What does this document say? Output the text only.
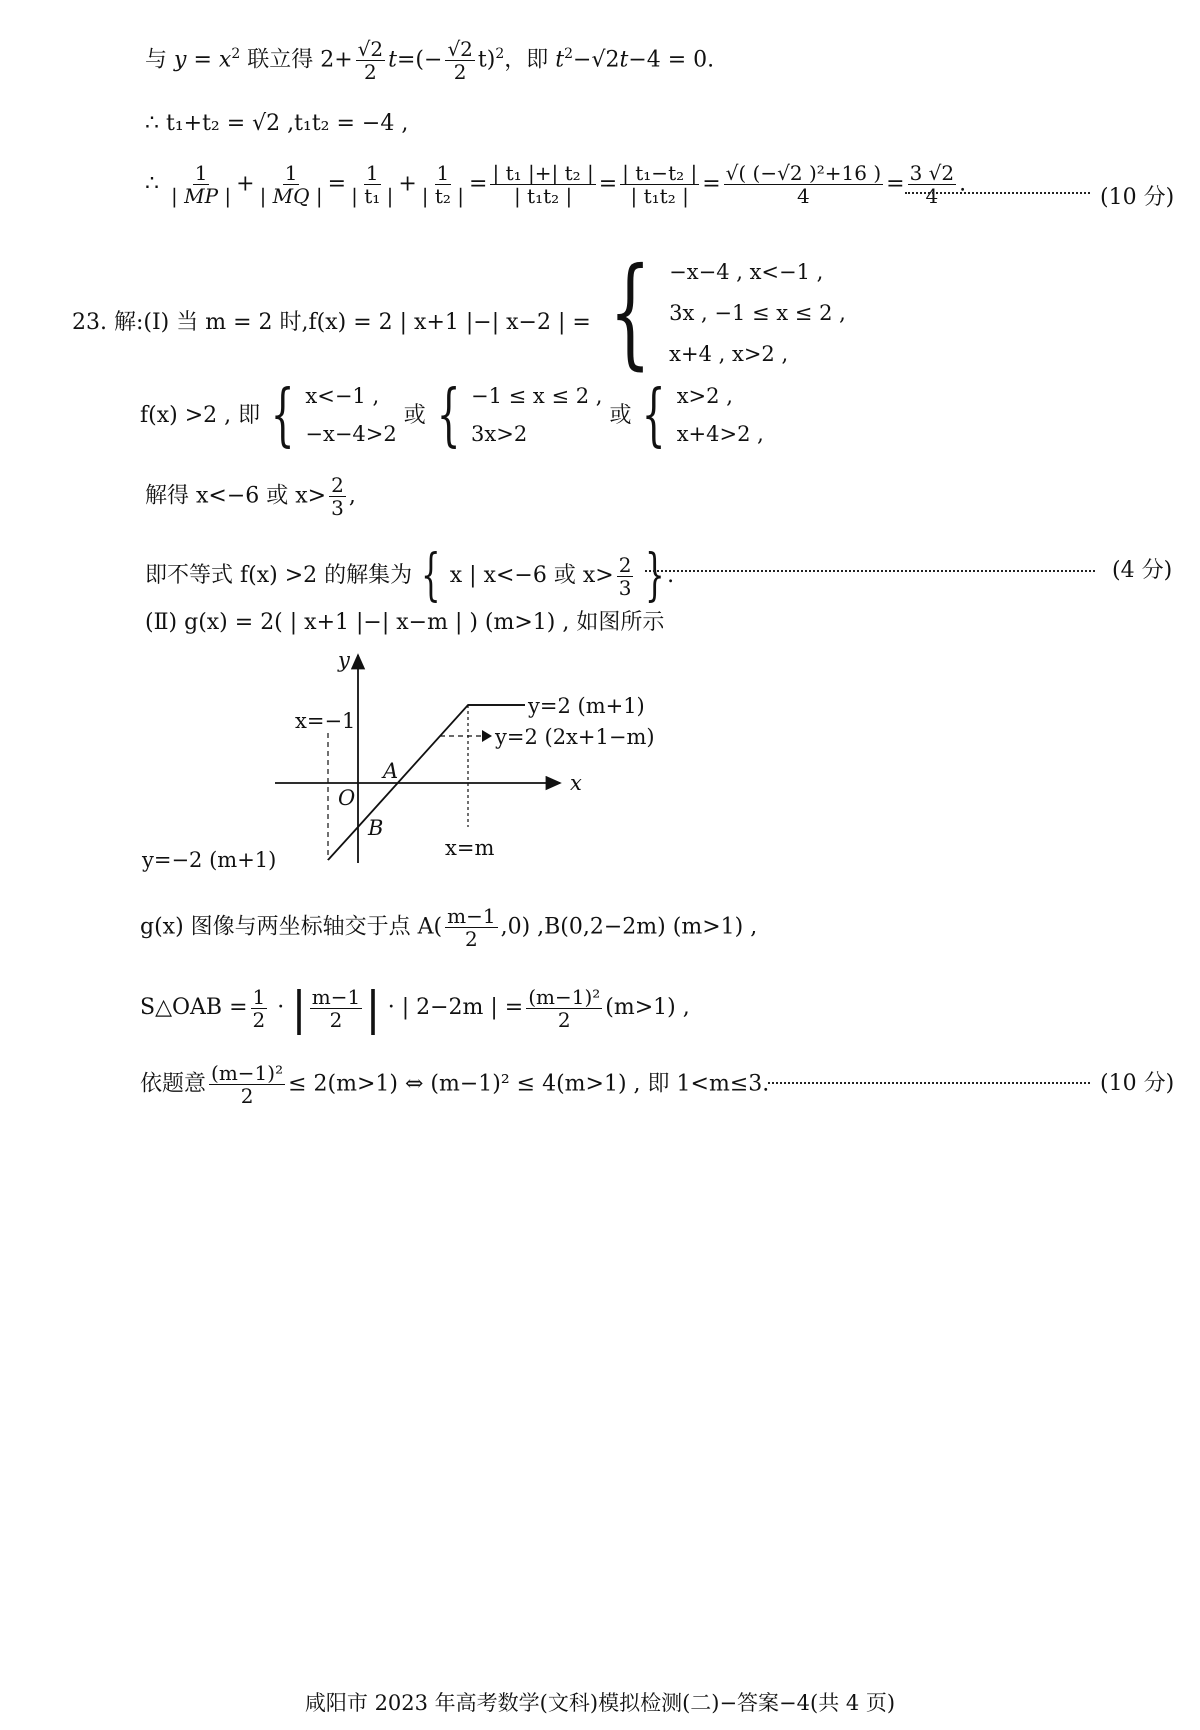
与 $y = x^2$ 联立得 $2+ \frac{√2}{2} t=(- \frac{√2}{2} t)^2$，即 $t^2-√2t-4 = 0$.
∴ t₁+t₂ = √2 ,t₁t₂ = −4 ,
∴ $\frac{1}{| MP |} + \frac{1}{| MQ |} = \frac{1}{\text{| t₁ |}} + \frac{1}{\text{| t₂ |}} = \frac{\text{| t₁ |+| t₂ |}}{\text{| t₁t₂ |}} = \frac{\text{| t₁−t₂ |}}{\text{| t₁t₂ |}} = \frac{\text{√( (−√2 )²+16 )}}{4} = \frac{3 √2}{4}$ .
(10 分)
23. 解:(Ⅰ) 当 m = 2 时,f(x) = 2 | x+1 |−| x−2 | = { −x−4 , x<−1 ,
3x , −1 ≤ x ≤ 2 ,
x+4 , x>2 ,
f(x) >2 , 即 { x<−1 ,
−x−4>2
或 { −1 ≤ x ≤ 2 ,
3x>2
或 { x>2 ,
x+4>2 ,
解得 x<−6 或 $x> \frac{2}{3}$ ,
即不等式 f(x) >2 的解集为 { x | x<−6 或 $x> \frac{2}{3}$ }.	(4 分)
(Ⅱ) g(x) = 2( | x+1 |−| x−m | ) (m>1) , 如图所示
y
x
O
A
B
x=−1
x=m
y=2 (m+1)
y=2 (2x+1−m)
y=−2 (m+1)
g(x) 图像与两坐标轴交于点 $A( \frac{m-1}{2} ,0)$ ,B(0,2−2m) (m>1) ,
S△OAB = $\frac{1}{2}$ · | $\frac{m-1}{2}$ | · | 2−2m | = $\frac{\text{(m−1)²}}{2} (m>1)$ ,
依题意 $\frac{\text{(m−1)²}}{2} \le 2(m>1)$ ⇔ (m−1)² ≤ 4(m>1) , 即 1<m≤3.	(10 分)
咸阳市 2023 年高考数学(文科)模拟检测(二)−答案−4(共 4 页)
